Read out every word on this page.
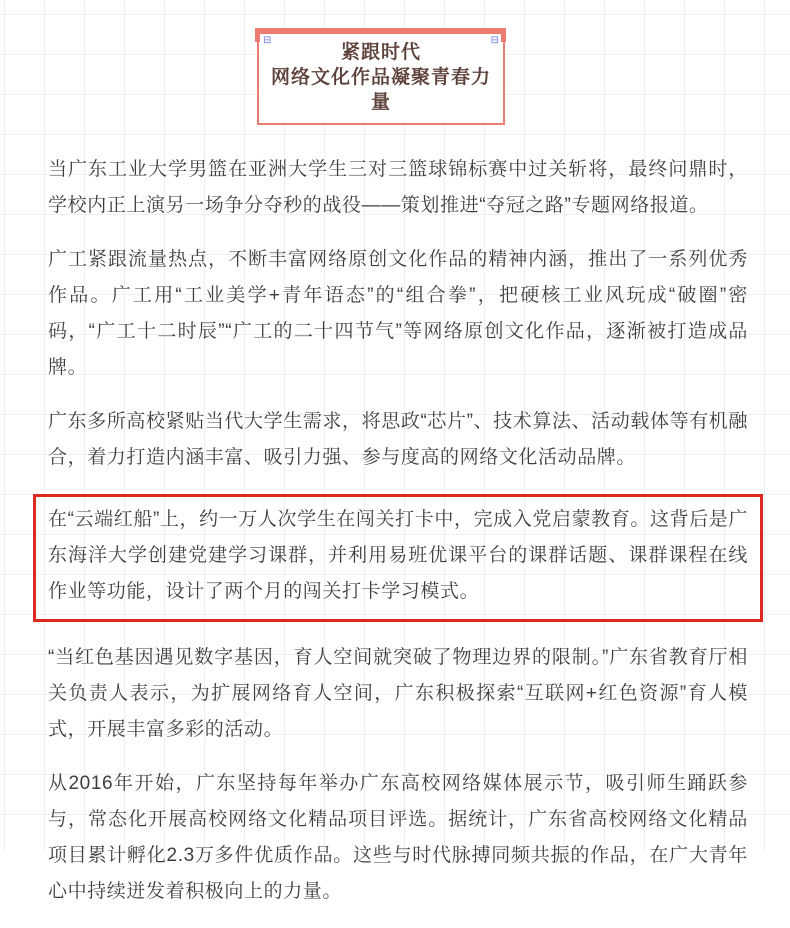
⊟	⊟
紧跟时代
网络文化作品凝聚青春力量

当广东工业大学男篮在亚洲大学生三对三篮球锦标赛中过关斩将，最终问鼎时，学校内正上演另一场争分夺秒的战役——策划推进“夺冠之路”专题网络报道。

广工紧跟流量热点，不断丰富网络原创文化作品的精神内涵，推出了一系列优秀作品。广工用“工业美学+青年语态”的“组合拳”，把硬核工业风玩成“破圈”密码，“广工十二时辰”“广工的二十四节气”等网络原创文化作品，逐渐被打造成品牌。

广东多所高校紧贴当代大学生需求，将思政“芯片”、技术算法、活动载体等有机融合，着力打造内涵丰富、吸引力强、参与度高的网络文化活动品牌。

在“云端红船”上，约一万人次学生在闯关打卡中，完成入党启蒙教育。这背后是广东海洋大学创建党建学习课群，并利用易班优课平台的课群话题、课群课程在线作业等功能，设计了两个月的闯关打卡学习模式。

“当红色基因遇见数字基因，育人空间就突破了物理边界的限制。”广东省教育厅相关负责人表示，为扩展网络育人空间，广东积极探索“互联网+红色资源”育人模式，开展丰富多彩的活动。

从2016年开始，广东坚持每年举办广东高校网络媒体展示节，吸引师生踊跃参与，常态化开展高校网络文化精品项目评选。据统计，广东省高校网络文化精品项目累计孵化2.3万多件优质作品。这些与时代脉搏同频共振的作品，在广大青年心中持续迸发着积极向上的力量。
